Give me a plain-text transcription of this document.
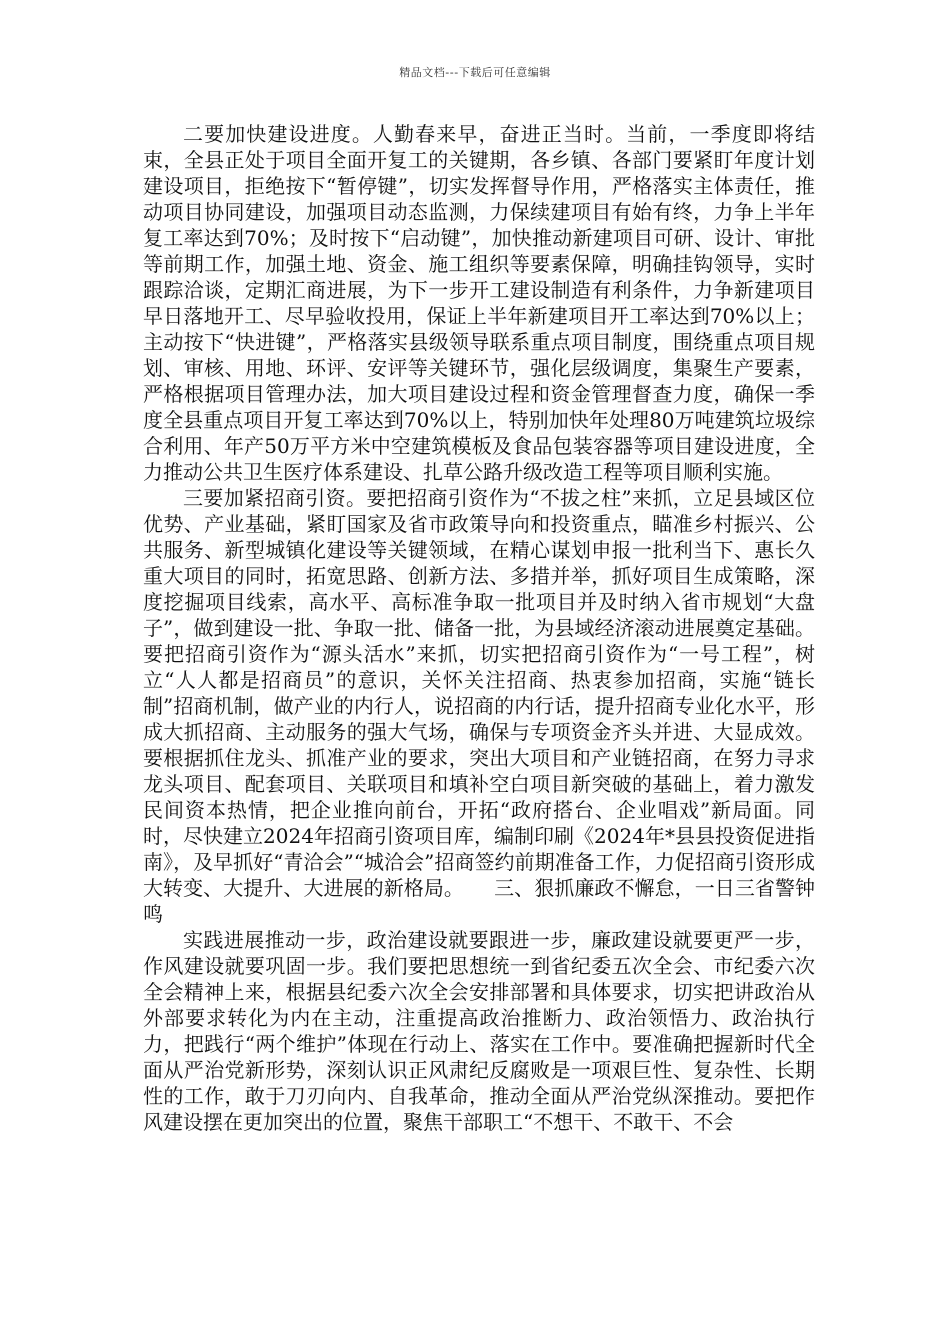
精品文档---下载后可任意编辑

二要加快建设进度。人勤春来早，奋进正当时。当前，一季度即将结束，全县正处于项目全面开复工的关键期，各乡镇、各部门要紧盯年度计划建设项目，拒绝按下“暂停键”，切实发挥督导作用，严格落实主体责任，推动项目协同建设，加强项目动态监测，力保续建项目有始有终，力争上半年复工率达到70%；及时按下“启动键”，加快推动新建项目可研、设计、审批等前期工作，加强土地、资金、施工组织等要素保障，明确挂钩领导，实时跟踪洽谈，定期汇商进展，为下一步开工建设制造有利条件，力争新建项目早日落地开工、尽早验收投用，保证上半年新建项目开工率达到70%以上；主动按下“快进键”，严格落实县级领导联系重点项目制度，围绕重点项目规划、审核、用地、环评、安评等关键环节，强化层级调度，集聚生产要素，严格根据项目管理办法，加大项目建设过程和资金管理督查力度，确保一季度全县重点项目开复工率达到70%以上，特别加快年处理80万吨建筑垃圾综合利用、年产50万平方米中空建筑模板及食品包装容器等项目建设进度，全力推动公共卫生医疗体系建设、扎草公路升级改造工程等项目顺利实施。

三要加紧招商引资。要把招商引资作为“不拔之柱”来抓，立足县域区位优势、产业基础，紧盯国家及省市政策导向和投资重点，瞄准乡村振兴、公共服务、新型城镇化建设等关键领域，在精心谋划申报一批利当下、惠长久重大项目的同时，拓宽思路、创新方法、多措并举，抓好项目生成策略，深度挖掘项目线索，高水平、高标准争取一批项目并及时纳入省市规划“大盘子”，做到建设一批、争取一批、储备一批，为县域经济滚动进展奠定基础。要把招商引资作为“源头活水”来抓，切实把招商引资作为“一号工程”，树立“人人都是招商员”的意识，关怀关注招商、热衷参加招商，实施“链长制”招商机制，做产业的内行人，说招商的内行话，提升招商专业化水平，形成大抓招商、主动服务的强大气场，确保与专项资金齐头并进、大显成效。要根据抓住龙头、抓准产业的要求，突出大项目和产业链招商，在努力寻求龙头项目、配套项目、关联项目和填补空白项目新突破的基础上，着力激发民间资本热情，把企业推向前台，开拓“政府搭台、企业唱戏”新局面。同时，尽快建立2024年招商引资项目库，编制印刷《2024年*县县投资促进指南》，及早抓好“青洽会”“城洽会”招商签约前期准备工作，力促招商引资形成大转变、大提升、大进展的新格局。　　三、狠抓廉政不懈怠，一日三省警钟鸣

实践进展推动一步，政治建设就要跟进一步，廉政建设就要更严一步，作风建设就要巩固一步。我们要把思想统一到省纪委五次全会、市纪委六次全会精神上来，根据县纪委六次全会安排部署和具体要求，切实把讲政治从外部要求转化为内在主动，注重提高政治推断力、政治领悟力、政治执行力，把践行“两个维护”体现在行动上、落实在工作中。要准确把握新时代全面从严治党新形势，深刻认识正风肃纪反腐败是一项艰巨性、复杂性、长期性的工作，敢于刀刃向内、自我革命，推动全面从严治党纵深推动。要把作风建设摆在更加突出的位置，聚焦干部职工“不想干、不敢干、不会
